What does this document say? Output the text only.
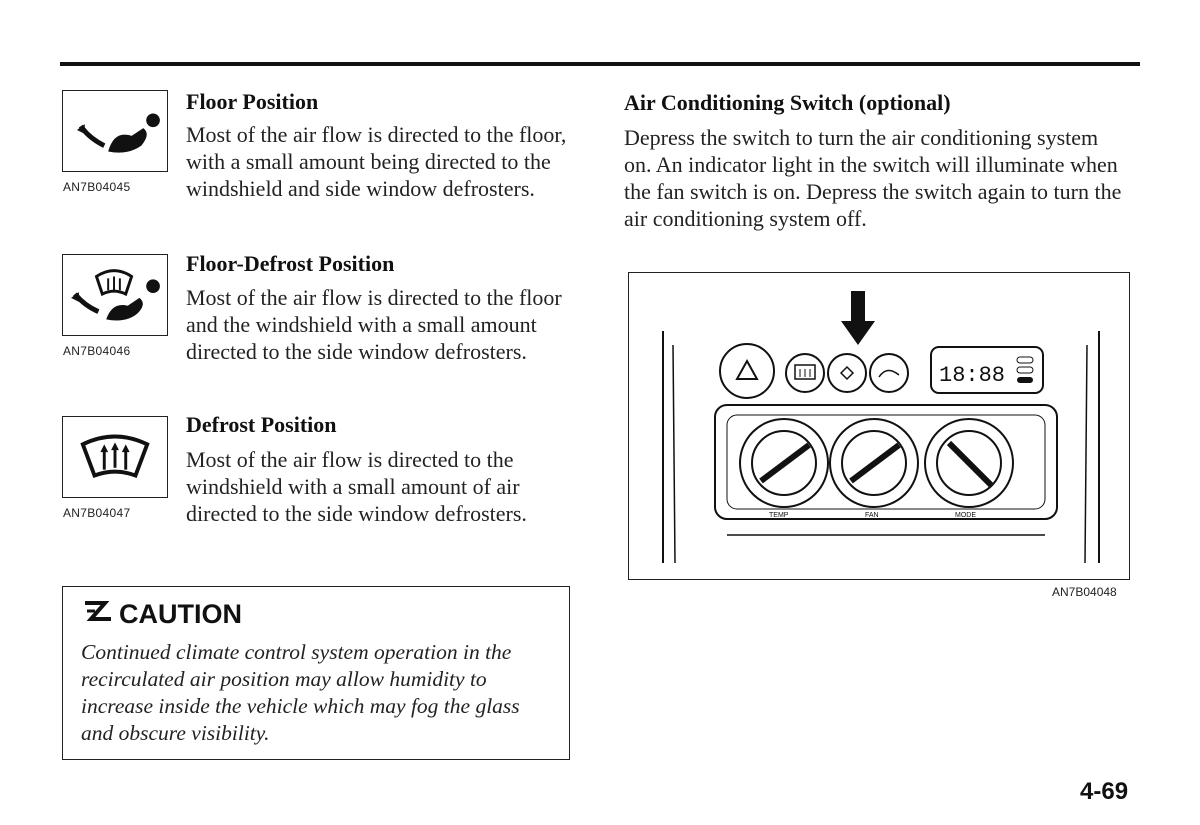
AN7B04045
Floor Position
Most of the air flow is directed to the floor, with a small amount being directed to the windshield and side window defrosters.
AN7B04046
Floor-Defrost Position
Most of the air flow is directed to the floor and the windshield with a small amount directed to the side window defrosters.
AN7B04047
Defrost Position
Most of the air flow is directed to the windshield with a small amount of air directed to the side window defrosters.
CAUTION
Continued climate control system operation in the recirculated air position may allow humidity to increase inside the vehicle which may fog the glass and obscure visibility.
Air Conditioning Switch (optional)
Depress the switch to turn the air conditioning system on. An indicator light in the switch will illuminate when the fan switch is on. Depress the switch again to turn the air conditioning system off.
18:88
TEMP	FAN	MODE
AN7B04048
4-69
